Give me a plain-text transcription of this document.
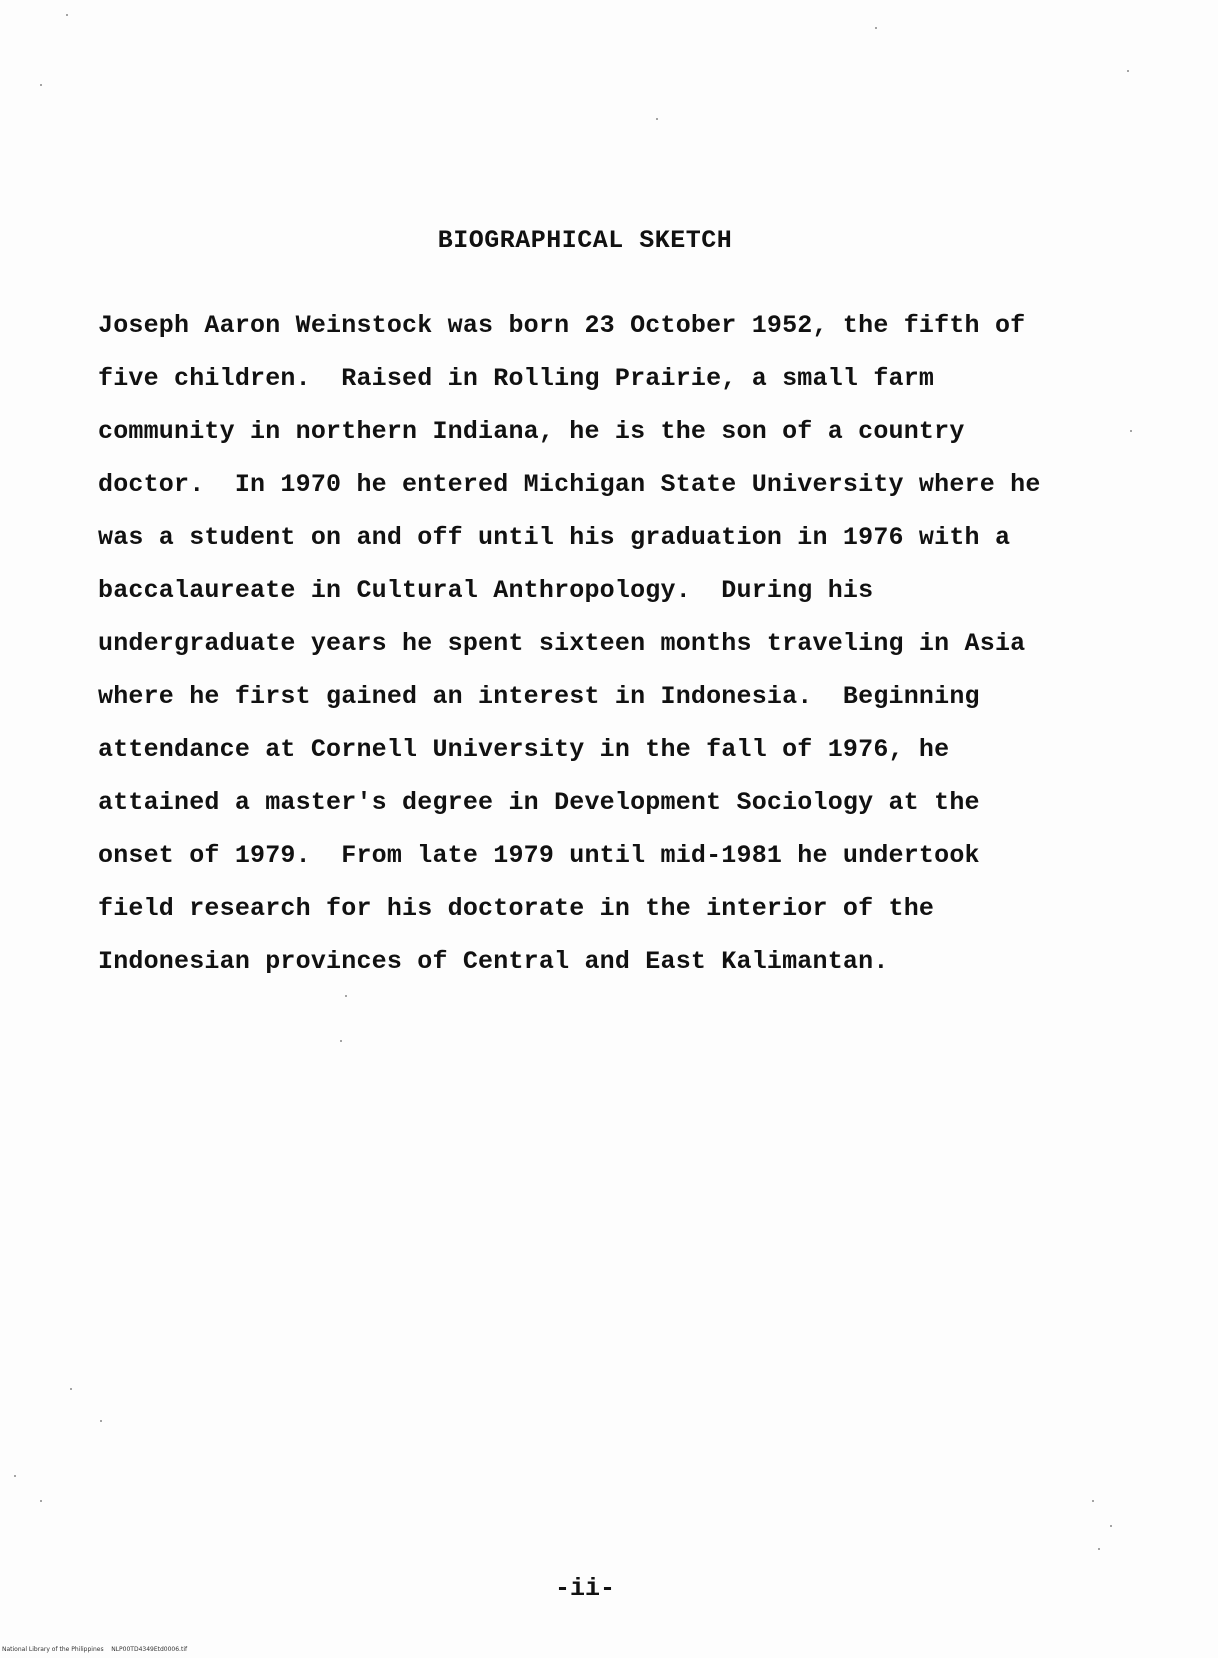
BIOGRAPHICAL SKETCH
Joseph Aaron Weinstock was born 23 October 1952, the fifth of
five children.  Raised in Rolling Prairie, a small farm
community in northern Indiana, he is the son of a country
doctor.  In 1970 he entered Michigan State University where he
was a student on and off until his graduation in 1976 with a
baccalaureate in Cultural Anthropology.  During his
undergraduate years he spent sixteen months traveling in Asia
where he first gained an interest in Indonesia.  Beginning
attendance at Cornell University in the fall of 1976, he
attained a master's degree in Development Sociology at the
onset of 1979.  From late 1979 until mid-1981 he undertook
field research for his doctorate in the interior of the
Indonesian provinces of Central and East Kalimantan.
-ii-
National Library of the Philippines    NLP00TD4349Etd0006.tif
